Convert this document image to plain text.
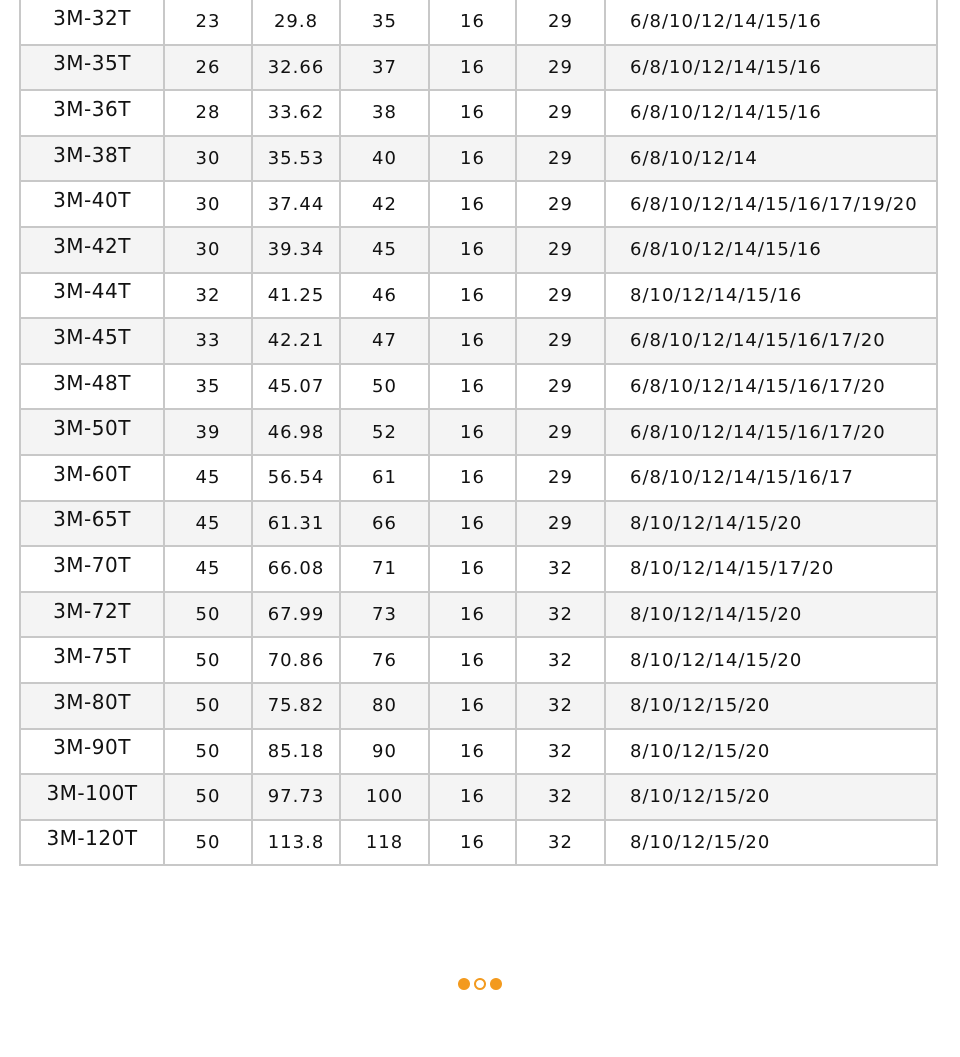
3M-32T	23	29.8	35	16	29	6/8/10/12/14/15/16
3M-35T	26	32.66	37	16	29	6/8/10/12/14/15/16
3M-36T	28	33.62	38	16	29	6/8/10/12/14/15/16
3M-38T	30	35.53	40	16	29	6/8/10/12/14
3M-40T	30	37.44	42	16	29	6/8/10/12/14/15/16/17/19/20
3M-42T	30	39.34	45	16	29	6/8/10/12/14/15/16
3M-44T	32	41.25	46	16	29	8/10/12/14/15/16
3M-45T	33	42.21	47	16	29	6/8/10/12/14/15/16/17/20
3M-48T	35	45.07	50	16	29	6/8/10/12/14/15/16/17/20
3M-50T	39	46.98	52	16	29	6/8/10/12/14/15/16/17/20
3M-60T	45	56.54	61	16	29	6/8/10/12/14/15/16/17
3M-65T	45	61.31	66	16	29	8/10/12/14/15/20
3M-70T	45	66.08	71	16	32	8/10/12/14/15/17/20
3M-72T	50	67.99	73	16	32	8/10/12/14/15/20
3M-75T	50	70.86	76	16	32	8/10/12/14/15/20
3M-80T	50	75.82	80	16	32	8/10/12/15/20
3M-90T	50	85.18	90	16	32	8/10/12/15/20
3M-100T	50	97.73	100	16	32	8/10/12/15/20
3M-120T	50	113.8	118	16	32	8/10/12/15/20
